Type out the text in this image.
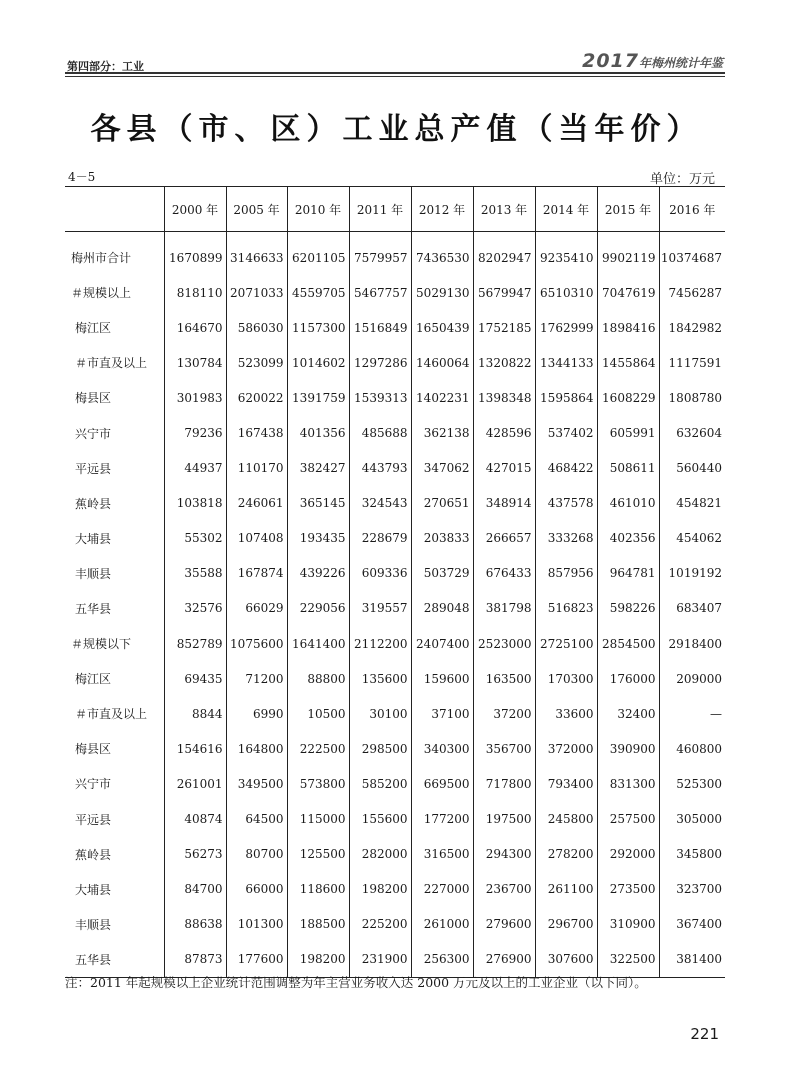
第四部分：工业	2017年梅州统计年鉴
各县（市、区）工业总产值（当年价）
4－5	单位：万元
	2000 年	2005 年	2010 年	2011 年	2012 年	2013 年	2014 年	2015 年	2016 年
梅州市合计	1670899	3146633	6201105	7579957	7436530	8202947	9235410	9902119	10374687
＃规模以上	818110	2071033	4559705	5467757	5029130	5679947	6510310	7047619	7456287
梅江区	164670	586030	1157300	1516849	1650439	1752185	1762999	1898416	1842982
＃市直及以上	130784	523099	1014602	1297286	1460064	1320822	1344133	1455864	1117591
梅县区	301983	620022	1391759	1539313	1402231	1398348	1595864	1608229	1808780
兴宁市	79236	167438	401356	485688	362138	428596	537402	605991	632604
平远县	44937	110170	382427	443793	347062	427015	468422	508611	560440
蕉岭县	103818	246061	365145	324543	270651	348914	437578	461010	454821
大埔县	55302	107408	193435	228679	203833	266657	333268	402356	454062
丰顺县	35588	167874	439226	609336	503729	676433	857956	964781	1019192
五华县	32576	66029	229056	319557	289048	381798	516823	598226	683407
＃规模以下	852789	1075600	1641400	2112200	2407400	2523000	2725100	2854500	2918400
梅江区	69435	71200	88800	135600	159600	163500	170300	176000	209000
＃市直及以上	8844	6990	10500	30100	37100	37200	33600	32400	—
梅县区	154616	164800	222500	298500	340300	356700	372000	390900	460800
兴宁市	261001	349500	573800	585200	669500	717800	793400	831300	525300
平远县	40874	64500	115000	155600	177200	197500	245800	257500	305000
蕉岭县	56273	80700	125500	282000	316500	294300	278200	292000	345800
大埔县	84700	66000	118600	198200	227000	236700	261100	273500	323700
丰顺县	88638	101300	188500	225200	261000	279600	296700	310900	367400
五华县	87873	177600	198200	231900	256300	276900	307600	322500	381400
注：2011 年起规模以上企业统计范围调整为年主营业务收入达 2000 万元及以上的工业企业（以下同）。
221
